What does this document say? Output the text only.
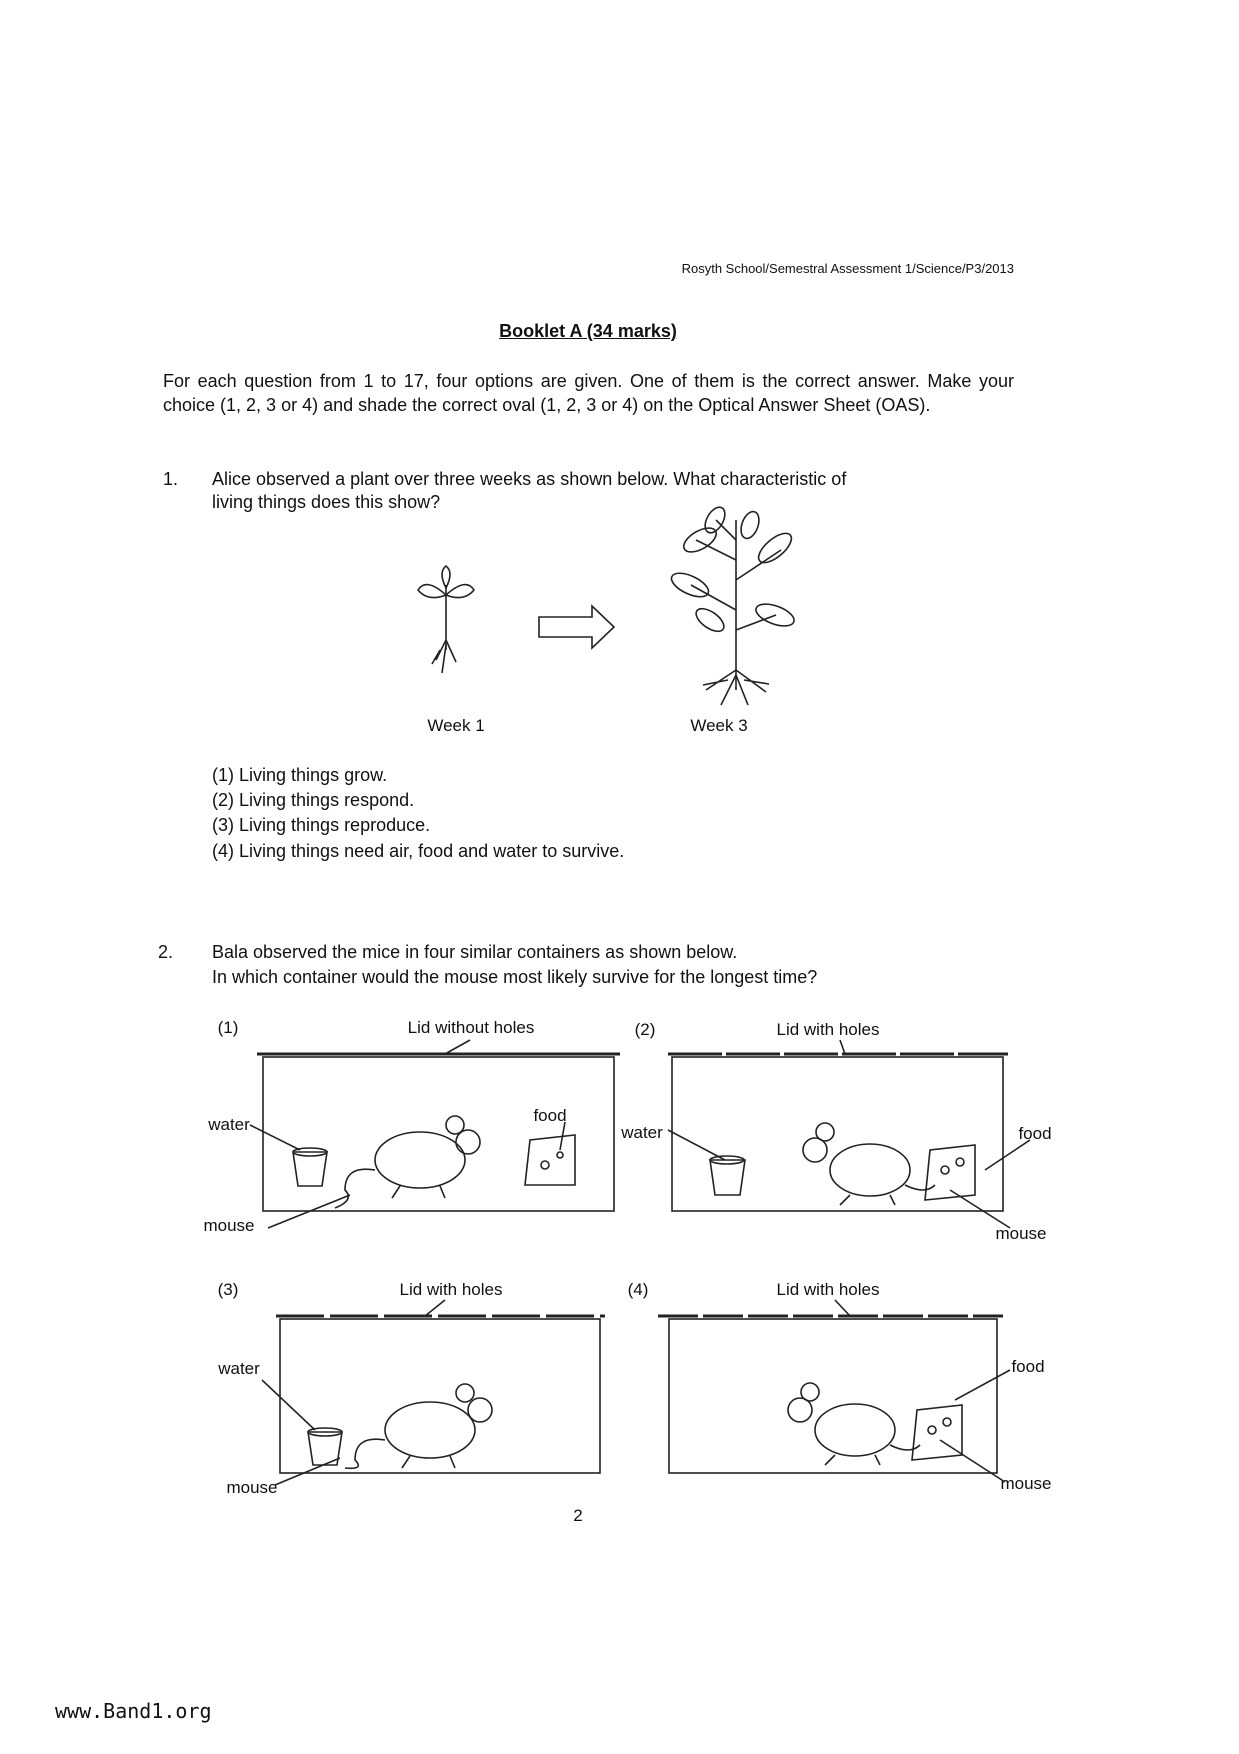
Rosyth School/Semestral Assessment 1/Science/P3/2013
Booklet A (34 marks)
For each question from 1 to 17, four options are given. One of them is the correct answer. Make your choice (1, 2, 3 or 4) and shade the correct oval (1, 2, 3 or 4) on the Optical Answer Sheet (OAS).
1. Alice observed a plant over three weeks as shown below. What characteristic of
living things does this show?
Week 1	Week 3
(1) Living things grow.
(2) Living things respond.
(3) Living things reproduce.
(4) Living things need air, food and water to survive.
2. Bala observed the mice in four similar containers as shown below.
In which container would the mouse most likely survive for the longest time?
(1)	Lid without holes
water	food
mouse
(2)	Lid with holes
water	food
mouse
(3)	Lid with holes
water
mouse
(4)	Lid with holes
food
mouse
2
www.Band1.org
